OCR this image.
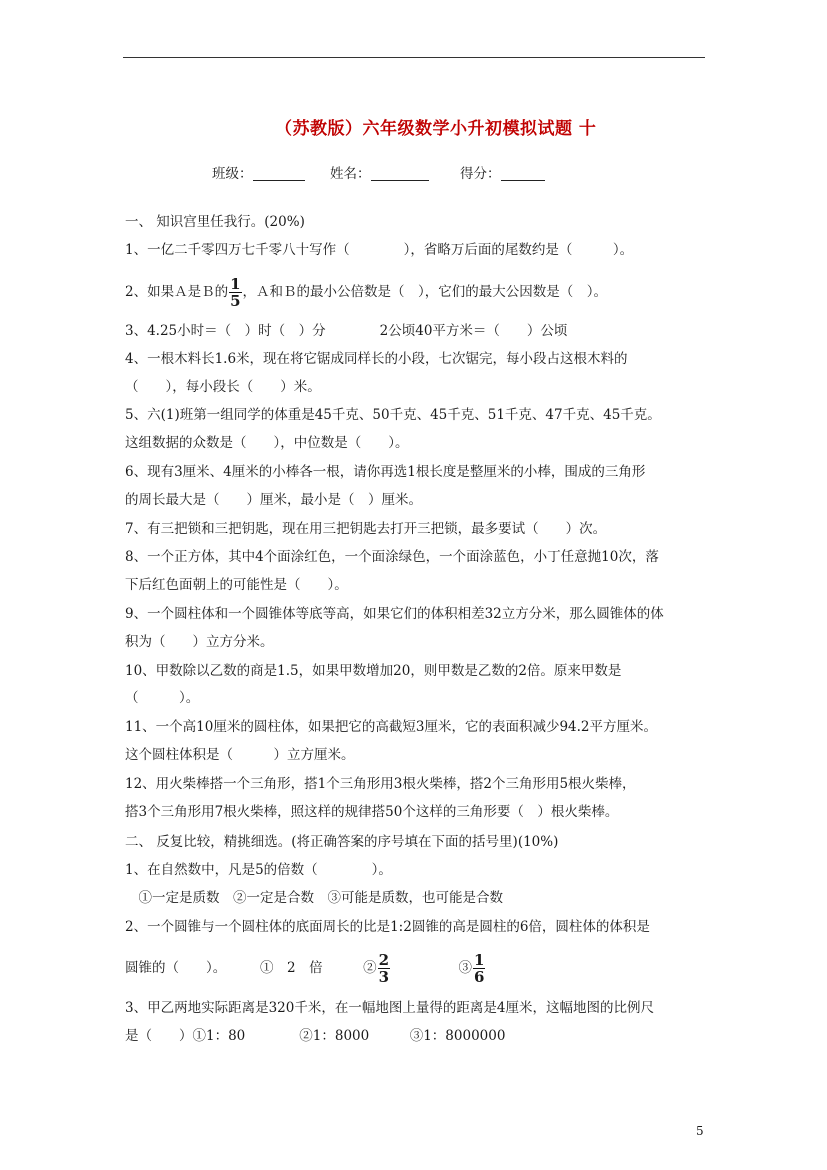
（苏教版）六年级数学小升初模拟试题 十
班级：	姓名：	得分：
一、 知识宫里任我行。(20%)
1、一亿二千零四万七千零八十写作（　　　　），省略万后面的尾数约是（　　　）。
2、如果Ａ是Ｂ的 $\frac{1}{5}$ ，Ａ和Ｂ的最小公倍数是（　），它们的最大公因数是（　）。
3、4.25小时＝（　）时（　）分　　　　2公顷40平方米＝（　　）公顷
4、一根木料长1.6米，现在将它锯成同样长的小段，七次锯完，每小段占这根木料的
（　　），每小段长（　　）米。
5、六(1)班第一组同学的体重是45千克、50千克、45千克、51千克、47千克、45千克。
这组数据的众数是（　　），中位数是（　　）。
6、现有3厘米、4厘米的小棒各一根，请你再选1根长度是整厘米的小棒，围成的三角形
的周长最大是（　　）厘米，最小是（　）厘米。
7、有三把锁和三把钥匙，现在用三把钥匙去打开三把锁，最多要试（　　）次。
8、一个正方体，其中4个面涂红色，一个面涂绿色，一个面涂蓝色，小丁任意抛10次，落
下后红色面朝上的可能性是（　　）。
9、一个圆柱体和一个圆锥体等底等高，如果它们的体积相差32立方分米，那么圆锥体的体
积为（　　）立方分米。
10、甲数除以乙数的商是1.5，如果甲数增加20，则甲数是乙数的2倍。原来甲数是
（　　　）。
11、一个高10厘米的圆柱体，如果把它的高截短3厘米，它的表面积减少94.2平方厘米。
这个圆柱体积是（　　　）立方厘米。
12、用火柴棒搭一个三角形，搭1个三角形用3根火柴棒，搭2个三角形用5根火柴棒，
搭3个三角形用7根火柴棒，照这样的规律搭50个这样的三角形要（　）根火柴棒。
二、 反复比较，精挑细选。(将正确答案的序号填在下面的括号里)(10%)
1、在自然数中，凡是5的倍数（　　　　）。
　①一定是质数　②一定是合数　③可能是质数，也可能是合数
2、一个圆锥与一个圆柱体的底面周长的比是1:2圆锥的高是圆柱的6倍，圆柱体的体积是
圆锥的（　　）。　　　①　2　倍　　　② $\frac{2}{3}$ 　　　　　③ $\frac{1}{6}$
3、甲乙两地实际距离是320千米，在一幅地图上量得的距离是4厘米，这幅地图的比例尺
是（　　）①1：80　　　　②1：8000　　　③1：8000000
5
